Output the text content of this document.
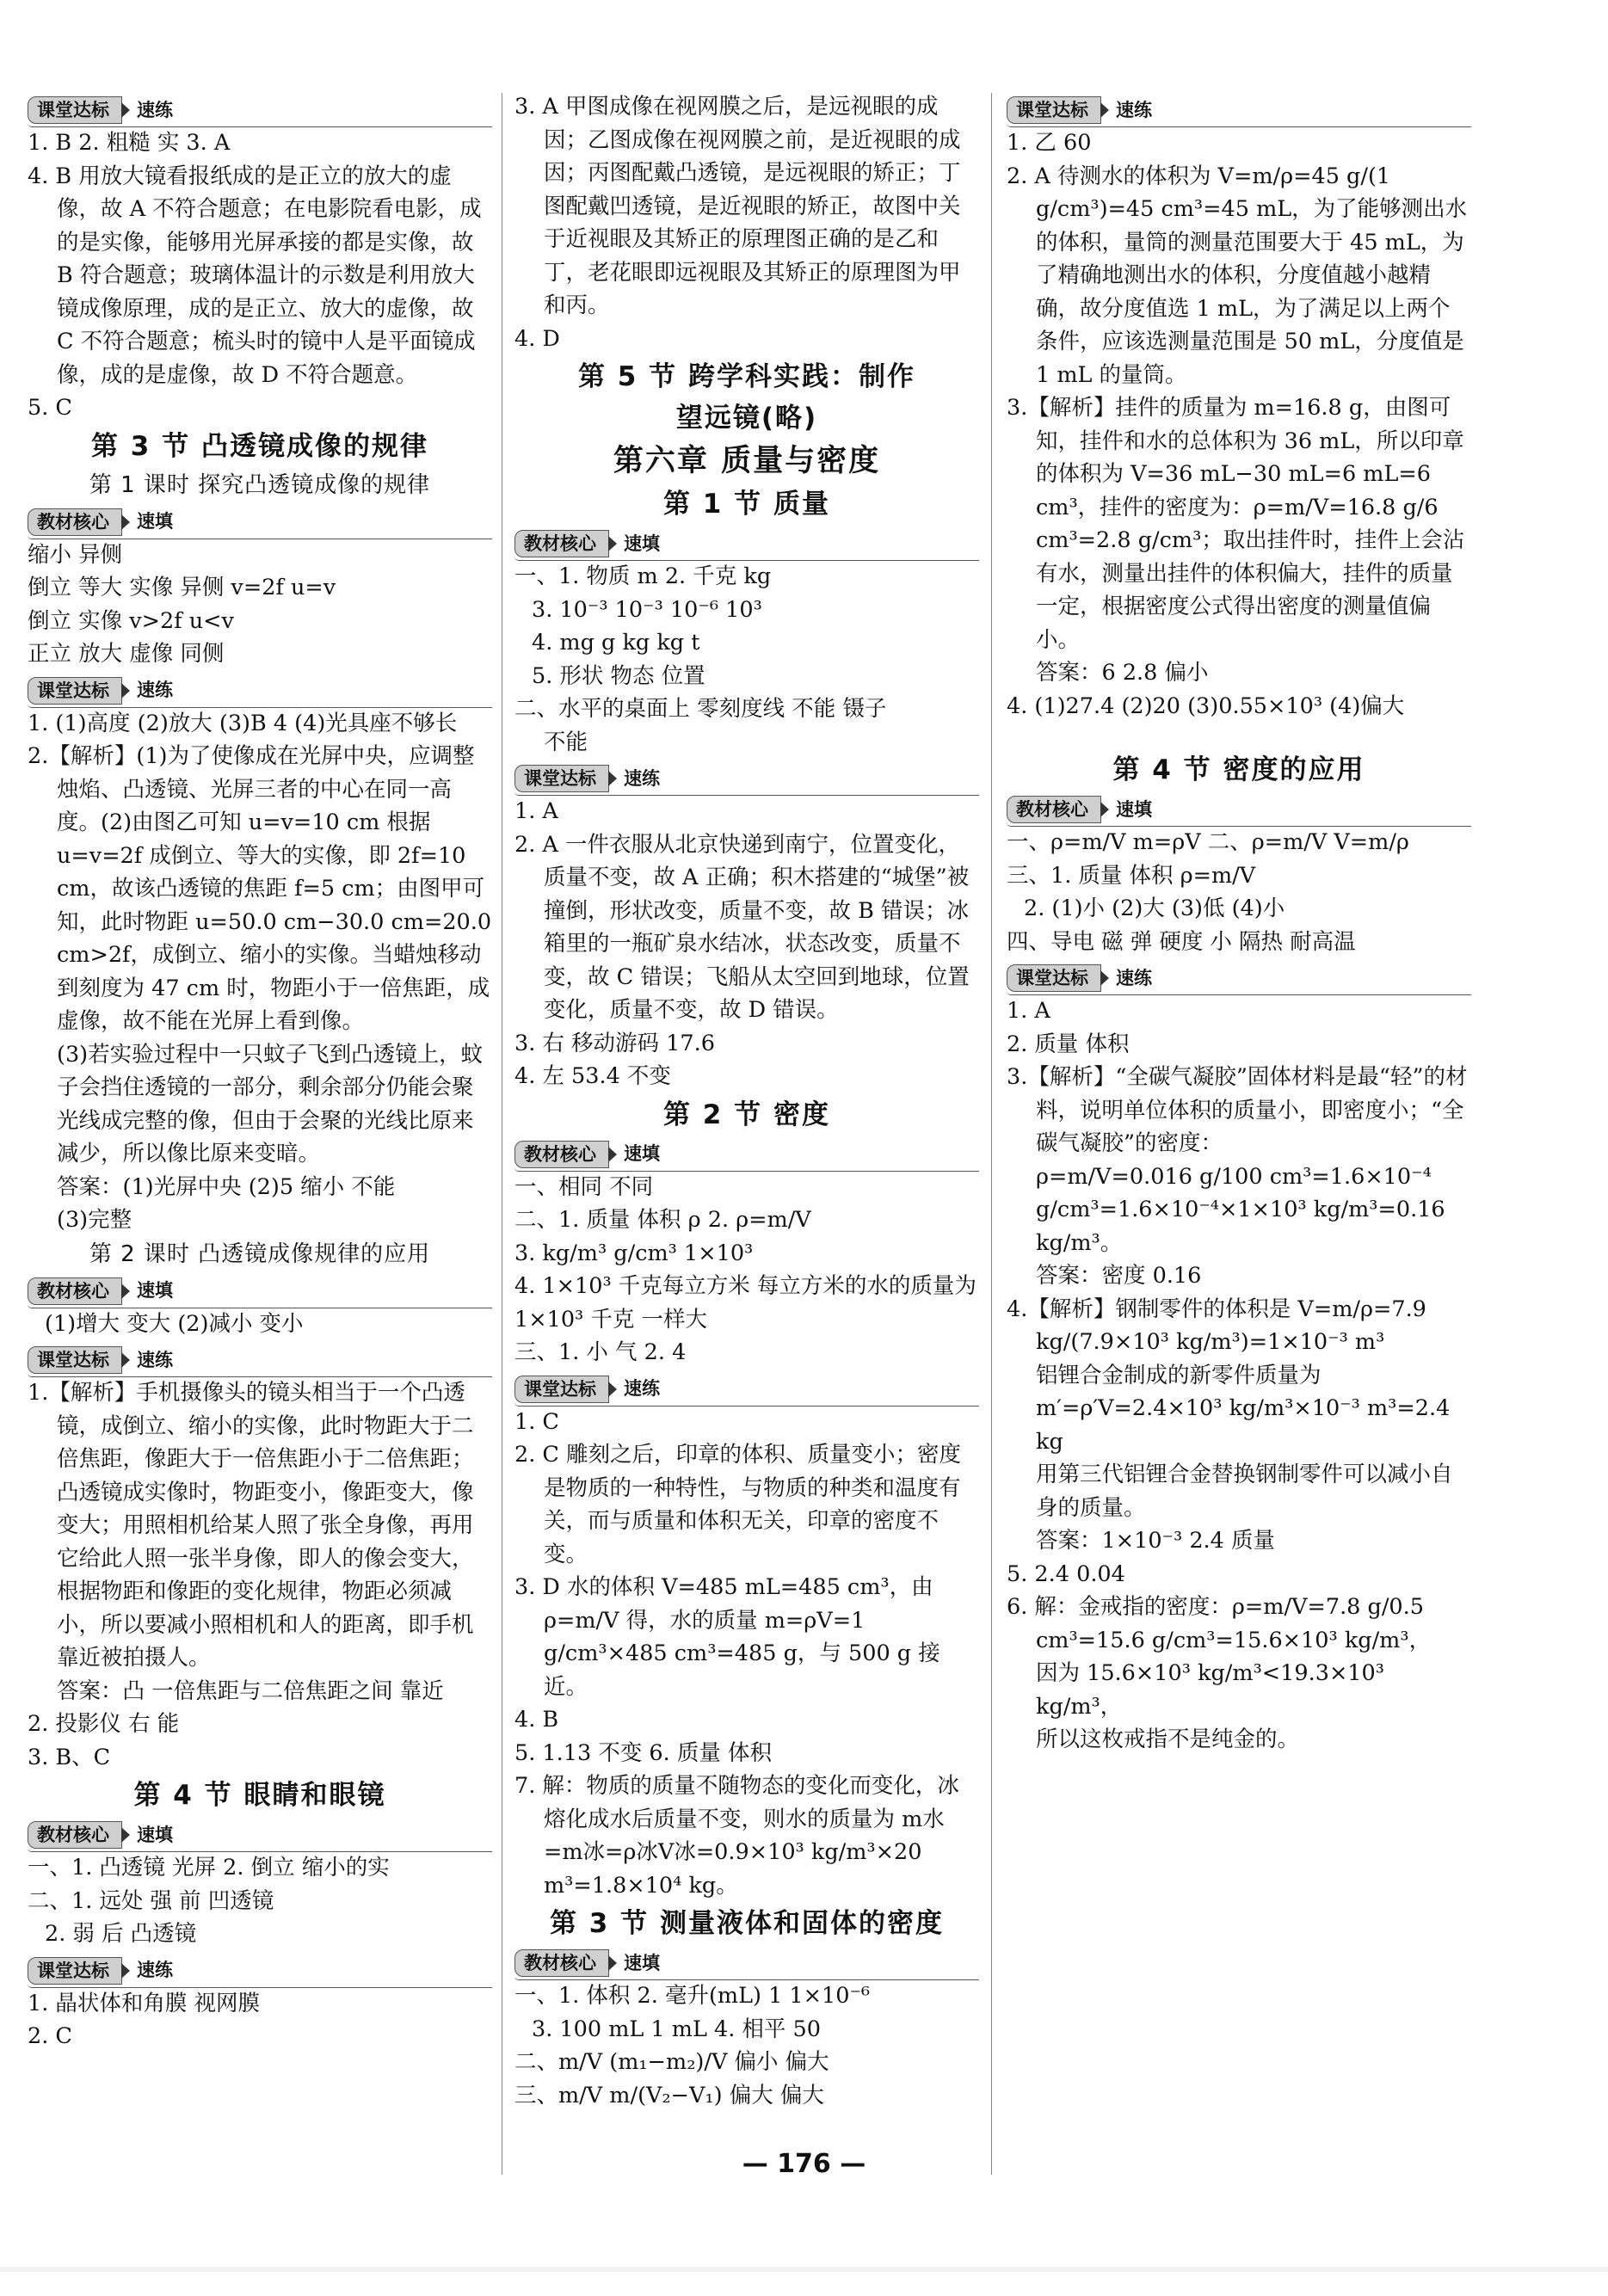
课堂达标	速练

1. B 2. 粗糙 实 3. A

4. B 用放大镜看报纸成的是正立的放大的虚像，故 A 不符合题意；在电影院看电影，成的是实像，能够用光屏承接的都是实像，故 B 符合题意；玻璃体温计的示数是利用放大镜成像原理，成的是正立、放大的虚像，故 C 不符合题意；梳头时的镜中人是平面镜成像，成的是虚像，故 D 不符合题意。

5. C

第 3 节 凸透镜成像的规律
第 1 课时 探究凸透镜成像的规律
教材核心	速填

缩小 异侧

倒立 等大 实像 异侧 v=2f u=v

倒立 实像 v>2f u<v

正立 放大 虚像 同侧

课堂达标	速练

1. (1)高度 (2)放大 (3)B 4 (4)光具座不够长

2.【解析】(1)为了使像成在光屏中央，应调整烛焰、凸透镜、光屏三者的中心在同一高度。(2)由图乙可知 u=v=10 cm 根据 u=v=2f 成倒立、等大的实像，即 2f=10 cm，故该凸透镜的焦距 f=5 cm；由图甲可知，此时物距 u=50.0 cm−30.0 cm=20.0 cm>2f，成倒立、缩小的实像。当蜡烛移动到刻度为 47 cm 时，物距小于一倍焦距，成虚像，故不能在光屏上看到像。

(3)若实验过程中一只蚊子飞到凸透镜上，蚊子会挡住透镜的一部分，剩余部分仍能会聚光线成完整的像，但由于会聚的光线比原来减少，所以像比原来变暗。

答案：(1)光屏中央 (2)5 缩小 不能

(3)完整

第 2 课时 凸透镜成像规律的应用
教材核心	速填

(1)增大 变大 (2)减小 变小

课堂达标	速练

1.【解析】手机摄像头的镜头相当于一个凸透镜，成倒立、缩小的实像，此时物距大于二倍焦距，像距大于一倍焦距小于二倍焦距；凸透镜成实像时，物距变小，像距变大，像变大；用照相机给某人照了张全身像，再用它给此人照一张半身像，即人的像会变大，根据物距和像距的变化规律，物距必须减小，所以要减小照相机和人的距离，即手机靠近被拍摄人。

答案：凸 一倍焦距与二倍焦距之间 靠近

2. 投影仪 右 能

3. B、C

第 4 节 眼睛和眼镜
教材核心	速填

一、1. 凸透镜 光屏 2. 倒立 缩小的实

二、1. 远处 强 前 凹透镜

2. 弱 后 凸透镜

课堂达标	速练

1. 晶状体和角膜 视网膜

2. C

3. A 甲图成像在视网膜之后，是远视眼的成因；乙图成像在视网膜之前，是近视眼的成因；丙图配戴凸透镜，是远视眼的矫正；丁图配戴凹透镜，是近视眼的矫正，故图中关于近视眼及其矫正的原理图正确的是乙和丁，老花眼即远视眼及其矫正的原理图为甲和丙。

4. D

第 5 节 跨学科实践：制作
望远镜(略)
第六章 质量与密度
第 1 节 质量
教材核心	速填

一、1. 物质 m 2. 千克 kg

3. 10⁻³ 10⁻³ 10⁻⁶ 10³

4. mg g kg kg t

5. 形状 物态 位置

二、水平的桌面上 零刻度线 不能 镊子

不能

课堂达标	速练

1. A

2. A 一件衣服从北京快递到南宁，位置变化，质量不变，故 A 正确；积木搭建的“城堡”被撞倒，形状改变，质量不变，故 B 错误；冰箱里的一瓶矿泉水结冰，状态改变，质量不变，故 C 错误；飞船从太空回到地球，位置变化，质量不变，故 D 错误。

3. 右 移动游码 17.6

4. 左 53.4 不变

第 2 节 密度
教材核心	速填

一、相同 不同

二、1. 质量 体积 ρ 2. ρ=m/V

3. kg/m³ g/cm³ 1×10³

4. 1×10³ 千克每立方米 每立方米的水的质量为 1×10³ 千克 一样大

三、1. 小 气 2. 4

课堂达标	速练

1. C

2. C 雕刻之后，印章的体积、质量变小；密度是物质的一种特性，与物质的种类和温度有关，而与质量和体积无关，印章的密度不变。

3. D 水的体积 V=485 mL=485 cm³，由 ρ=m/V 得，水的质量 m=ρV=1 g/cm³×485 cm³=485 g，与 500 g 接近。

4. B

5. 1.13 不变 6. 质量 体积

7. 解：物质的质量不随物态的变化而变化，冰熔化成水后质量不变，则水的质量为 m水=m冰=ρ冰V冰=0.9×10³ kg/m³×20 m³=1.8×10⁴ kg。

第 3 节 测量液体和固体的密度
教材核心	速填

一、1. 体积 2. 毫升(mL) 1 1×10⁻⁶

3. 100 mL 1 mL 4. 相平 50

二、m/V (m₁−m₂)/V 偏小 偏大

三、m/V m/(V₂−V₁) 偏大 偏大

课堂达标	速练

1. 乙 60

2. A 待测水的体积为 V=m/ρ=45 g/(1 g/cm³)=45 cm³=45 mL，为了能够测出水的体积，量筒的测量范围要大于 45 mL，为了精确地测出水的体积，分度值越小越精确，故分度值选 1 mL，为了满足以上两个条件，应该选测量范围是 50 mL，分度值是 1 mL 的量筒。

3.【解析】挂件的质量为 m=16.8 g，由图可知，挂件和水的总体积为 36 mL，所以印章的体积为 V=36 mL−30 mL=6 mL=6 cm³，挂件的密度为：ρ=m/V=16.8 g/6 cm³=2.8 g/cm³；取出挂件时，挂件上会沾有水，测量出挂件的体积偏大，挂件的质量一定，根据密度公式得出密度的测量值偏小。

答案：6 2.8 偏小

4. (1)27.4 (2)20 (3)0.55×10³ (4)偏大

第 4 节 密度的应用
教材核心	速填

一、ρ=m/V m=ρV 二、ρ=m/V V=m/ρ

三、1. 质量 体积 ρ=m/V

2. (1)小 (2)大 (3)低 (4)小

四、导电 磁 弹 硬度 小 隔热 耐高温

课堂达标	速练

1. A

2. 质量 体积

3.【解析】“全碳气凝胶”固体材料是最“轻”的材料，说明单位体积的质量小，即密度小；“全碳气凝胶”的密度：

ρ=m/V=0.016 g/100 cm³=1.6×10⁻⁴ g/cm³=1.6×10⁻⁴×1×10³ kg/m³=0.16 kg/m³。

答案：密度 0.16

4.【解析】钢制零件的体积是 V=m/ρ=7.9 kg/(7.9×10³ kg/m³)=1×10⁻³ m³

铝锂合金制成的新零件质量为

m′=ρ′V=2.4×10³ kg/m³×10⁻³ m³=2.4 kg

用第三代铝锂合金替换钢制零件可以减小自身的质量。

答案：1×10⁻³ 2.4 质量

5. 2.4 0.04

6. 解：金戒指的密度：ρ=m/V=7.8 g/0.5 cm³=15.6 g/cm³=15.6×10³ kg/m³，

因为 15.6×10³ kg/m³<19.3×10³ kg/m³，

所以这枚戒指不是纯金的。

— 176 —
